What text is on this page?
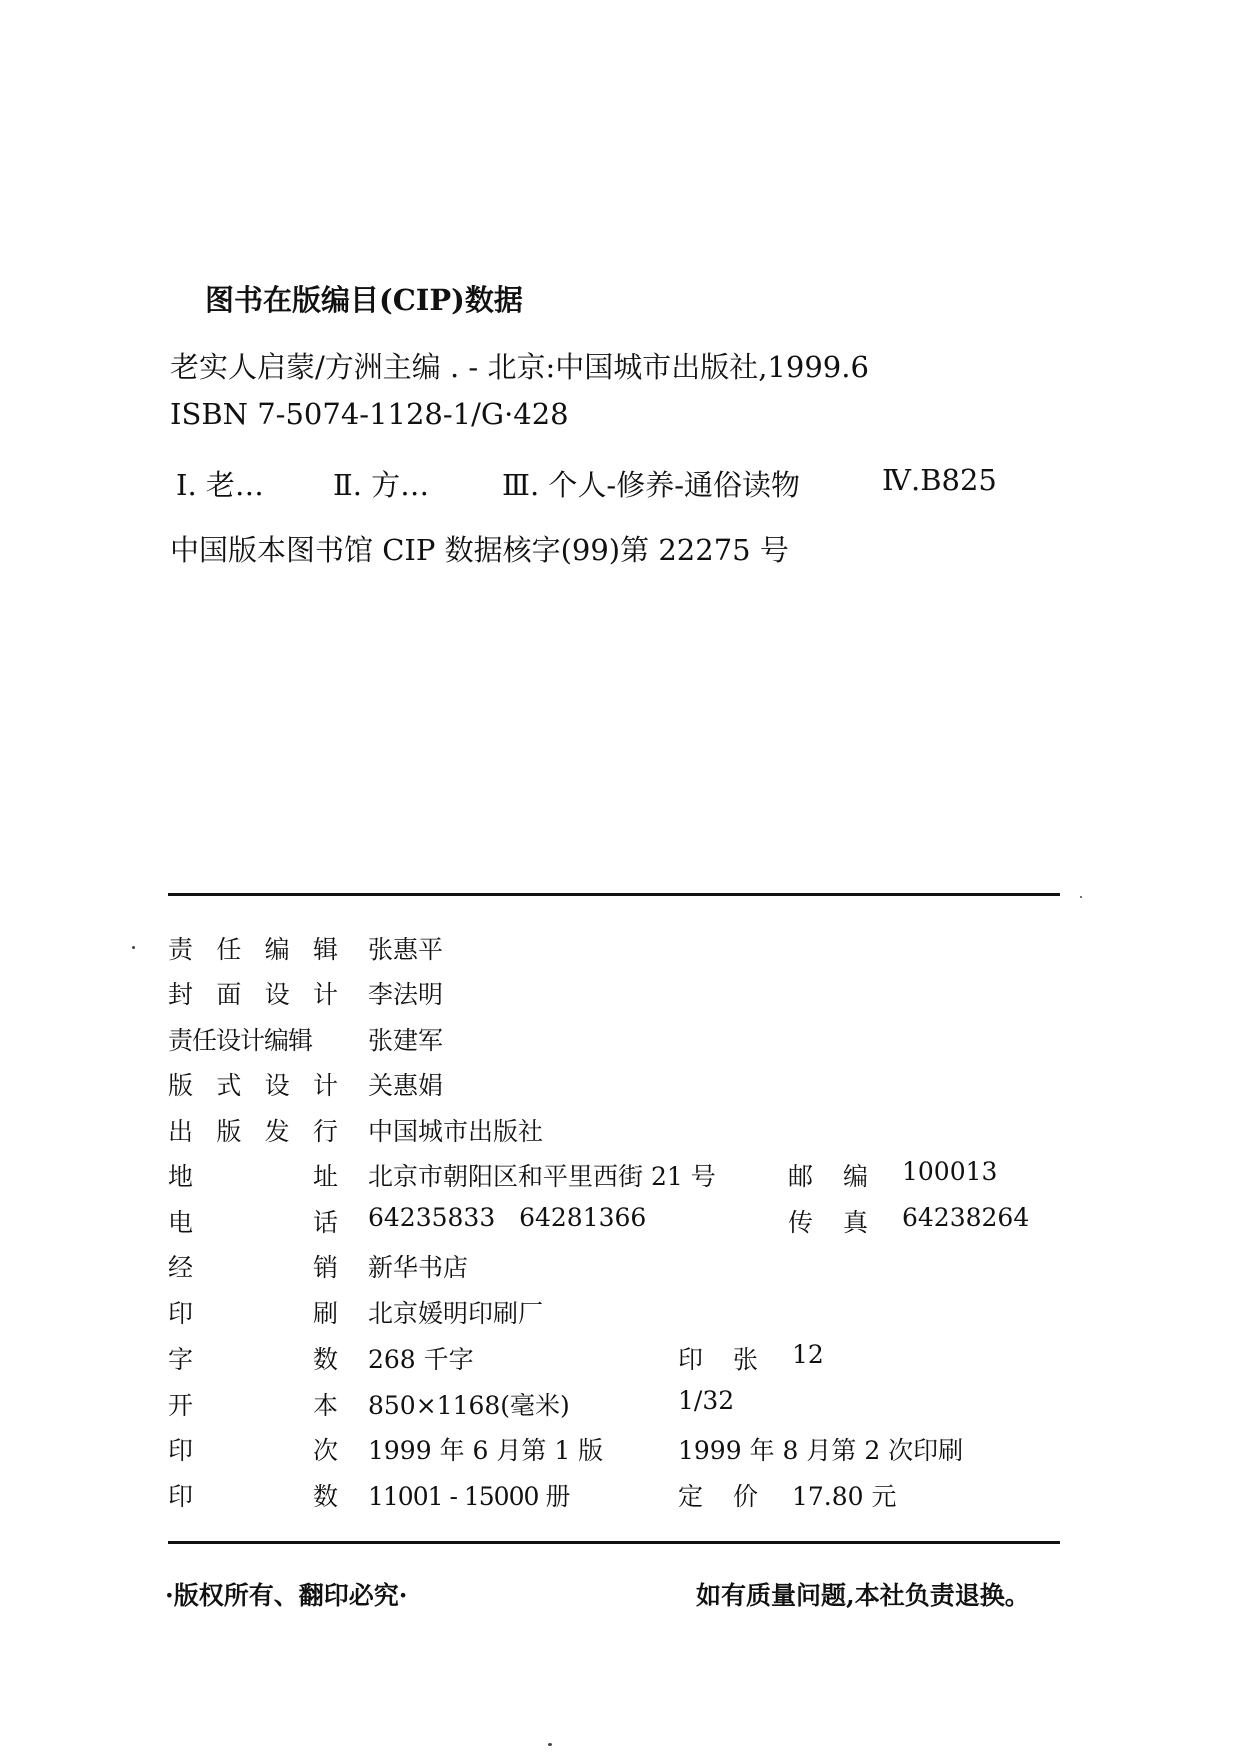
图书在版编目(CIP)数据
老实人启蒙/方洲主编 . - 北京:中国城市出版社,1999.6
ISBN 7-5074-1128-1/G·428
Ⅰ. 老… Ⅱ. 方…	Ⅲ. 个人-修养-通俗读物	Ⅳ.B825
中国版本图书馆 CIP 数据核字(99)第 22275 号
责 任 编 辑 张惠平
封 面 设 计 李法明
责任设计编辑	张建军
版 式 设 计 关惠娟
出 版 发 行 中国城市出版社
地	址 北京市朝阳区和平里西街 21 号	邮 编 100013
电	话 64235833   64281366	传 真 64238264
经	销 新华书店
印	刷 北京媛明印刷厂
字	数 268 千字	印 张 12
开	本 850×1168(毫米)	1/32
印	次 1999 年 6 月第 1 版	1999 年 8 月第 2 次印刷
印	数 11001 - 15000 册	定 价 17.80 元
·版权所有、翻印必究·	如有质量问题,本社负责退换。
